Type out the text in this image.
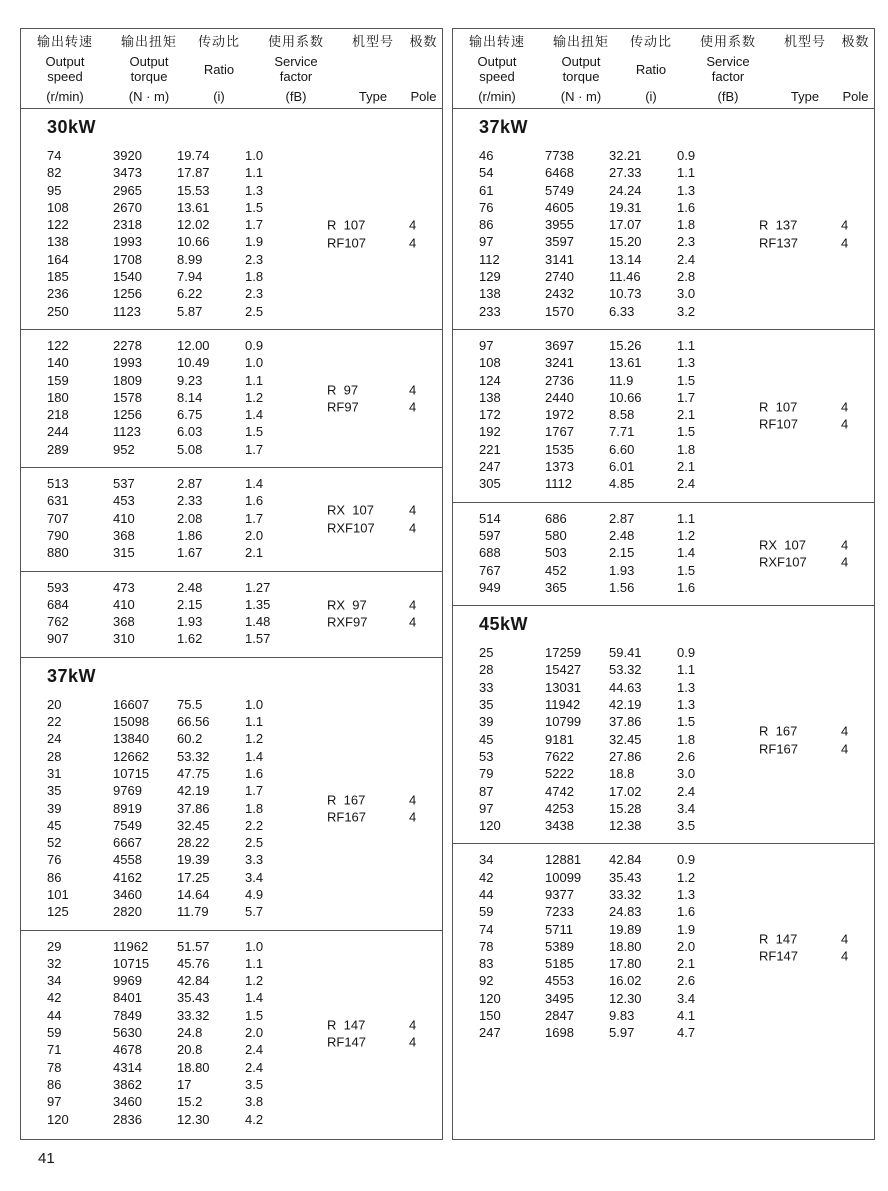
输出转速
Output
speed
(r/min)
输出扭矩
Output
torque
(N · m)
传动比
Ratio
(i)
使用系数
Service
factor
(fB)
机型号
Type
极数
Pole
30kW
74	3920	19.74	1.0
82	3473	17.87	1.1
95	2965	15.53	1.3
108	2670	13.61	1.5
122	2318	12.02	1.7
138	1993	10.66	1.9
164	1708	8.99	2.3
185	1540	7.94	1.8
236	1256	6.22	2.3
250	1123	5.87	2.5
R  107	4
RF107	4
122	2278	12.00	0.9
140	1993	10.49	1.0
159	1809	9.23	1.1
180	1578	8.14	1.2
218	1256	6.75	1.4
244	1123	6.03	1.5
289	952	5.08	1.7
R  97	4
RF97	4
513	537	2.87	1.4
631	453	2.33	1.6
707	410	2.08	1.7
790	368	1.86	2.0
880	315	1.67	2.1
RX  107	4
RXF107	4
593	473	2.48	1.27
684	410	2.15	1.35
762	368	1.93	1.48
907	310	1.62	1.57
RX  97	4
RXF97	4
37kW
20	16607	75.5	1.0
22	15098	66.56	1.1
24	13840	60.2	1.2
28	12662	53.32	1.4
31	10715	47.75	1.6
35	9769	42.19	1.7
39	8919	37.86	1.8
45	7549	32.45	2.2
52	6667	28.22	2.5
76	4558	19.39	3.3
86	4162	17.25	3.4
101	3460	14.64	4.9
125	2820	11.79	5.7
R  167	4
RF167	4
29	11962	51.57	1.0
32	10715	45.76	1.1
34	9969	42.84	1.2
42	8401	35.43	1.4
44	7849	33.32	1.5
59	5630	24.8	2.0
71	4678	20.8	2.4
78	4314	18.80	2.4
86	3862	17	3.5
97	3460	15.2	3.8
120	2836	12.30	4.2
R  147	4
RF147	4
输出转速
Output
speed
(r/min)
输出扭矩
Output
torque
(N · m)
传动比
Ratio
(i)
使用系数
Service
factor
(fB)
机型号
Type
极数
Pole
37kW
46	7738	32.21	0.9
54	6468	27.33	1.1
61	5749	24.24	1.3
76	4605	19.31	1.6
86	3955	17.07	1.8
97	3597	15.20	2.3
112	3141	13.14	2.4
129	2740	11.46	2.8
138	2432	10.73	3.0
233	1570	6.33	3.2
R  137	4
RF137	4
97	3697	15.26	1.1
108	3241	13.61	1.3
124	2736	11.9	1.5
138	2440	10.66	1.7
172	1972	8.58	2.1
192	1767	7.71	1.5
221	1535	6.60	1.8
247	1373	6.01	2.1
305	1112	4.85	2.4
R  107	4
RF107	4
514	686	2.87	1.1
597	580	2.48	1.2
688	503	2.15	1.4
767	452	1.93	1.5
949	365	1.56	1.6
RX  107	4
RXF107	4
45kW
25	17259	59.41	0.9
28	15427	53.32	1.1
33	13031	44.63	1.3
35	11942	42.19	1.3
39	10799	37.86	1.5
45	9181	32.45	1.8
53	7622	27.86	2.6
79	5222	18.8	3.0
87	4742	17.02	2.4
97	4253	15.28	3.4
120	3438	12.38	3.5
R  167	4
RF167	4
34	12881	42.84	0.9
42	10099	35.43	1.2
44	9377	33.32	1.3
59	7233	24.83	1.6
74	5711	19.89	1.9
78	5389	18.80	2.0
83	5185	17.80	2.1
92	4553	16.02	2.6
120	3495	12.30	3.4
150	2847	9.83	4.1
247	1698	5.97	4.7
R  147	4
RF147	4
41
